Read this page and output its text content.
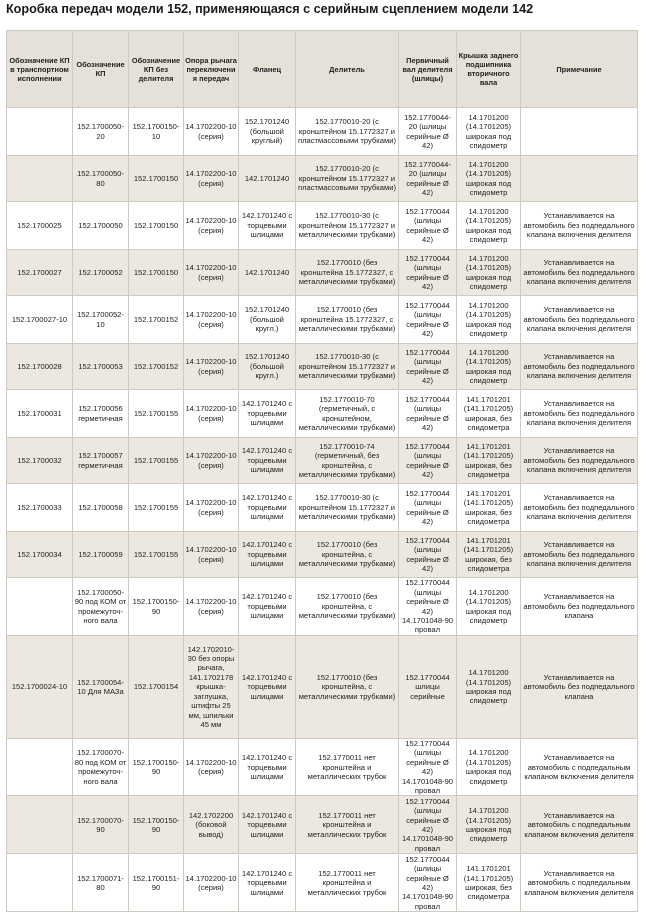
Коробка передач модели 152, применяющаяся с серийным сцеплением модели 142
Обозначение КП в транспортном исполнении	Обозначение КП	Обозначение КП без делителя	Опора рычага переключения передач	Фланец	Делитель	Первичный вал делителя (шлицы)	Крышка заднего подшипника вторичного вала	Примечание
	152.1700050-20	152.1700150-10	14.1702200-10 (серия)	152.1701240 (большой круглый)	152.1770010-20 (с кронштейном 15.1772327 и пластмассовыми трубками)	152.1770044-20 (шлицы серийные Ø 42)	14.1701200 (14.1701205) широкая под спидометр	
	152.1700050-80	152.1700150	14.1702200-10 (серия)	142.1701240	152.1770010-20 (с кронштейном 15.1772327 и пластмассовыми трубками)	152.1770044-20 (шлицы серийные Ø 42)	14.1701200 (14.1701205) широкая под спидометр	
152.1700025	152.1700050	152.1700150	14.1702200-10 (серия)	142.1701240 с торцевыми шлицами	152.1770010-30 (с кронштейном 15.1772327 и металлическими трубками)	152.1770044 (шлицы серийные Ø 42)	14.1701200 (14.1701205) широкая под спидометр	Устанавливается на автомобиль без подпедального клапана включения делителя
152.1700027	152.1700052	152.1700150	14.1702200-10 (серия)	142.1701240	152.1770010 (без кронштейна 15.1772327, с металлическими трубками)	152.1770044 (шлицы серийные Ø 42)	14.1701200 (14.1701205) широкая под спидометр	Устанавливается на автомобиль без подпедального клапана включения делителя
152.1700027-10	152.1700052-10	152.1700152	14.1702200-10 (серия)	152.1701240 (большой кругл.)	152.1770010 (без кронштейна 15.1772327, с металлическими трубками)	152.1770044 (шлицы серийные Ø 42)	14.1701200 (14.1701205) широкая под спидометр	Устанавливается на автомобиль без подпедального клапана включения делителя
152.1700028	152.1700053	152.1700152	14.1702200-10 (серия)	152.1701240 (большой кругл.)	152.1770010-30 (с кронштейном 15.1772327 и металлическими трубками)	152.1770044 (шлицы серийные Ø 42)	14.1701200 (14.1701205) широкая под спидометр	Устанавливается на автомобиль без подпедального клапана включения делителя
152.1700031	152.1700056 герметичная	152.1700155	14.1702200-10 (серия)	142.1701240 с торцевыми шлицами	152.1770010-70 (герметичный, с кронштейном, металлическими трубками)	152.1770044 (шлицы серийные Ø 42)	141.1701201 (141.1701205) широкая, без спидометра	Устанавливается на автомобиль без подпедального клапана включения делителя
152.1700032	152.1700057 герметичная	152.1700155	14.1702200-10 (серия)	142.1701240 с торцевыми шлицами	152.1770010-74 (герметичный, без кронштейна, с металлическими трубками)	152.1770044 (шлицы серийные Ø 42)	141.1701201 (141.1701205) широкая, без спидометра	Устанавливается на автомобиль без подпедального клапана включения делителя
152.1700033	152.1700058	152.1700155	14.1702200-10 (серия)	142.1701240 с торцевыми шлицами	152.1770010-30 (с кронштейном 15.1772327 и металлическими трубками)	152.1770044 (шлицы серийные Ø 42)	141.1701201 (141.1701205) широкая, без спидометра	Устанавливается на автомобиль без подпедального клапана включения делителя
152.1700034	152.1700059	152.1700155	14.1702200-10 (серия)	142.1701240 с торцевыми шлицами	152.1770010 (без кронштейна, с металлическими трубками)	152.1770044 (шлицы серийные Ø 42)	141.1701201 (141.1701205) широкая, без спидометра	Устанавливается на автомобиль без подпедального клапана включения делителя
	152.1700050-90 под КОМ от промежуточ-ного вала	152.1700150-90	14.1702200-10 (серия)	142.1701240 с торцевыми шлицами	152.1770010 (без кронштейна, с металлическими трубками)	152.1770044 (шлицы серийные Ø 42) 14.1701048-90 провал	14.1701200 (14.1701205) широкая под спидометр	Устанавливается на автомобиль без подпедального клапана
152.1700024-10	152.1700054-10 Для МАЗа	152.1700154	142.1702010-30 без опоры рычага, 141.1702178 крышка-заглушка, штифты 25 мм, шпильки 45 мм	142.1701240 с торцевыми шлицами	152.1770010 (без кронштейна, с металлическими трубками)	152.1770044 шлицы серийные	14.1701200 (14.1701205) широкая под спидометр	Устанавливается на автомобиль без подпедального клапана
	152.1700070-80 под КОМ от промежуточ-ного вала	152.1700150-90	14.1702200-10 (серия)	142.1701240 с торцевыми шлицами	152.1770011 нет кронштейна и металлических трубок	152.1770044 (шлицы серийные Ø 42) 14.1701048-90 провал	14.1701200 (14.1701205) широкая под спидометр	Устанавливается на автомобиль с подпедальным клапаном включения делителя
	152.1700070-90	152.1700150-90	142.1702200 (боковой вывод)	142.1701240 с торцевыми шлицами	152.1770011 нет кронштейна и металлических трубок	152.1770044 (шлицы серийные Ø 42) 14.1701048-90 провал	14.1701200 (14.1701205) широкая под спидометр	Устанавливается на автомобиль с подпедальным клапаном включения делителя
	152.1700071-80	152.1700151-90	14.1702200-10 (серия)	142.1701240 с торцевыми шлицами	152.1770011 нет кронштейна и металлических трубок	152.1770044 (шлицы серийные Ø 42) 14.1701048-90 провал	141.1701201 (141.1701205) широкая, без спидометра	Устанавливается на автомобиль с подпедальным клапаном включения делителя
